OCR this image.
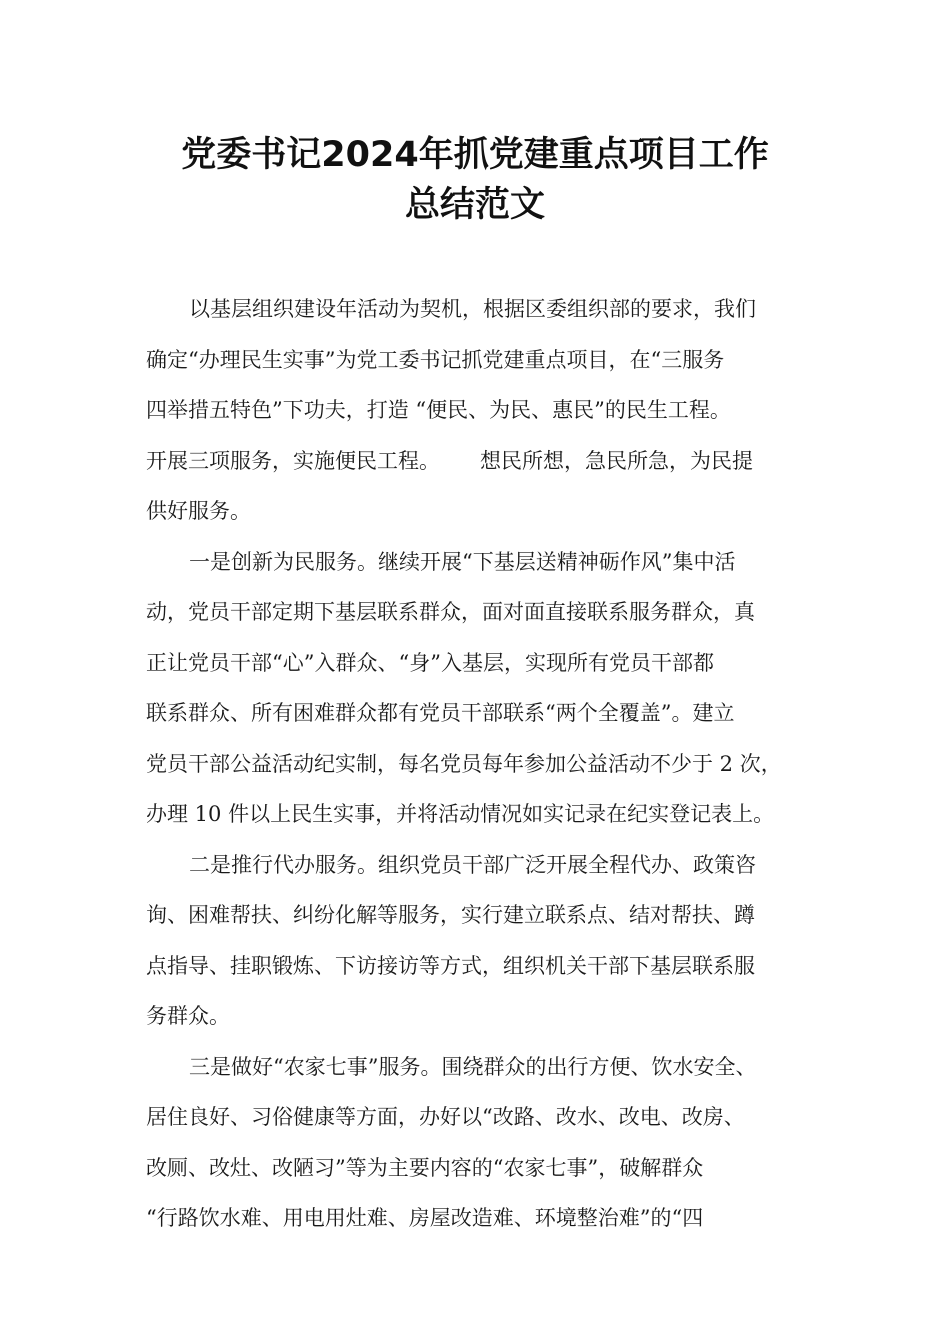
党委书记2024年抓党建重点项目工作
总结范文
以基层组织建设年活动为契机，根据区委组织部的要求，我们
确定“办理民生实事”为党工委书记抓党建重点项目，在“三服务
四举措五特色”下功夫，打造 “便民、为民、惠民”的民生工程。
开展三项服务，实施便民工程。      想民所想，急民所急，为民提
供好服务。
一是创新为民服务。继续开展“下基层送精神砺作风”集中活
动，党员干部定期下基层联系群众，面对面直接联系服务群众，真
正让党员干部“心”入群众、“身”入基层，实现所有党员干部都
联系群众、所有困难群众都有党员干部联系“两个全覆盖”。建立
党员干部公益活动纪实制，每名党员每年参加公益活动不少于 2 次，
办理 10 件以上民生实事，并将活动情况如实记录在纪实登记表上。
二是推行代办服务。组织党员干部广泛开展全程代办、政策咨
询、困难帮扶、纠纷化解等服务，实行建立联系点、结对帮扶、蹲
点指导、挂职锻炼、下访接访等方式，组织机关干部下基层联系服
务群众。
三是做好“农家七事”服务。围绕群众的出行方便、饮水安全、
居住良好、习俗健康等方面，办好以“改路、改水、改电、改房、
改厕、改灶、改陋习”等为主要内容的“农家七事”，破解群众
“行路饮水难、用电用灶难、房屋改造难、环境整治难”的“四
